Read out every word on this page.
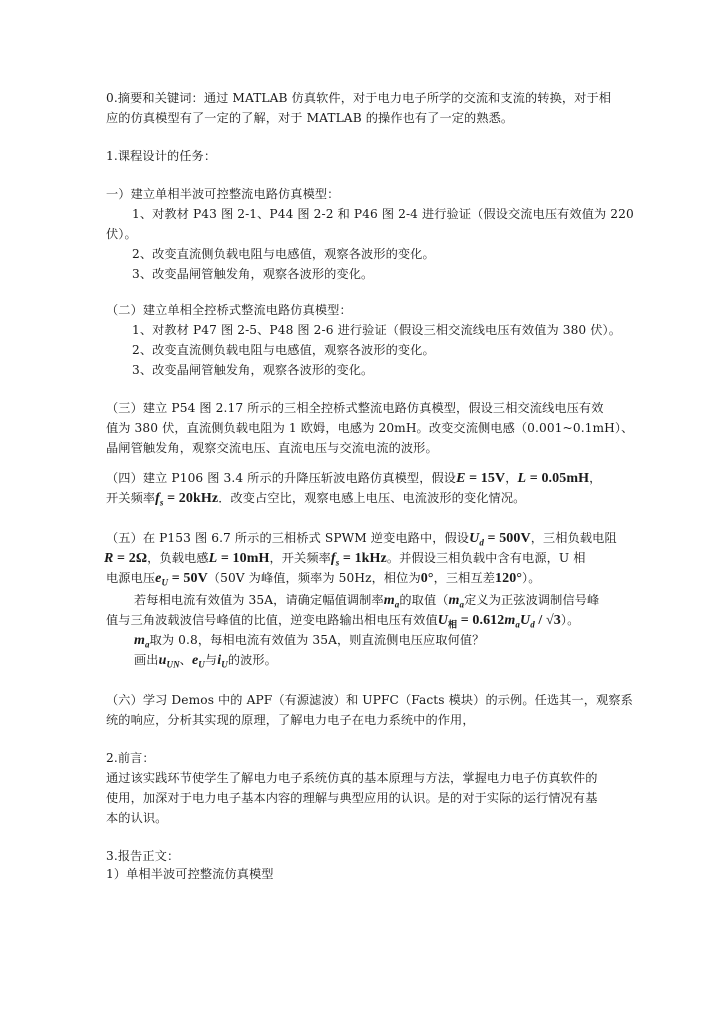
0.摘要和关键词：通过 MATLAB 仿真软件，对于电力电子所学的交流和支流的转换，对于相
应的仿真模型有了一定的了解，对于 MATLAB 的操作也有了一定的熟悉。
1.课程设计的任务：
一）建立单相半波可控整流电路仿真模型：
1、对教材 P43 图 2-1、P44 图 2-2 和 P46 图 2-4 进行验证（假设交流电压有效值为 220
伏）。
2、改变直流侧负载电阻与电感值，观察各波形的变化。
3、改变晶闸管触发角，观察各波形的变化。
（二）建立单相全控桥式整流电路仿真模型：
1、对教材 P47 图 2-5、P48 图 2-6 进行验证（假设三相交流线电压有效值为 380 伏）。
2、改变直流侧负载电阻与电感值，观察各波形的变化。
3、改变晶闸管触发角，观察各波形的变化。
（三）建立 P54 图 2.17 所示的三相全控桥式整流电路仿真模型，假设三相交流线电压有效
值为 380 伏，直流侧负载电阻为 1 欧姆，电感为 20mH。改变交流侧电感（0.001~0.1mH）、
晶闸管触发角，观察交流电压、直流电压与交流电流的波形。
（四）建立 P106 图 3.4 所示的升降压斩波电路仿真模型，假设E = 15V，L = 0.05mH，
开关频率$f_s = 20kHz$．改变占空比，观察电感上电压、电流波形的变化情况。
（五）在 P153 图 6.7 所示的三相桥式 SPWM 逆变电路中，假设$U_d = 500V$，三相负载电阻
R = 2Ω，负载电感L = 10mH，开关频率$f_s = 1kHz$。并假设三相负载中含有电源，U 相
电源电压$e_U = 50V(50V$ 为峰值，频率为 50Hz，相位为0°，三相互差120°）。
若每相电流有效值为 35A，请确定幅值调制率$m_a$的取值（$m_a$定义为正弦波调制信号峰
值与三角波载波信号峰值的比值，逆变电路输出相电压有效值$U_相 = 0.612m_aU_d / √3$）。
$m_a$取为 0.8，每相电流有效值为 35A，则直流侧电压应取何值？
画出$u_{UN}$、$e_U$与$i_U$的波形。
（六）学习 Demos 中的 APF（有源滤波）和 UPFC（Facts 模块）的示例。任选其一，观察系
统的响应，分析其实现的原理，了解电力电子在电力系统中的作用，
2.前言：
通过该实践环节使学生了解电力电子系统仿真的基本原理与方法，掌握电力电子仿真软件的
使用，加深对于电力电子基本内容的理解与典型应用的认识。是的对于实际的运行情况有基
本的认识。
3.报告正文：
1）单相半波可控整流仿真模型
